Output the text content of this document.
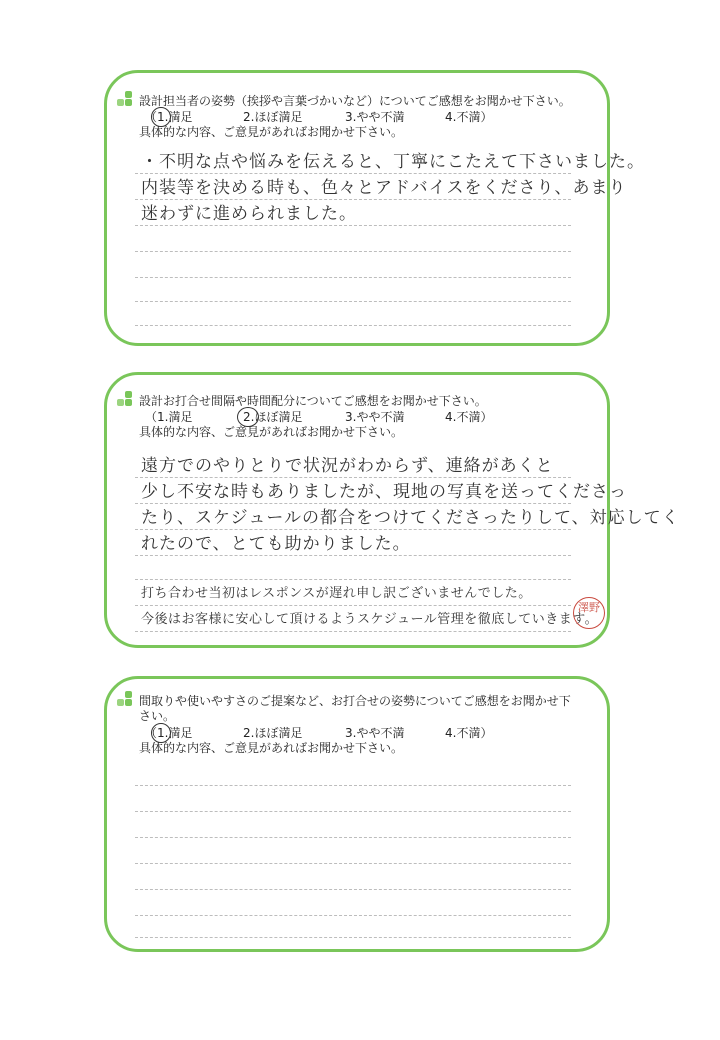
設計担当者の姿勢（挨拶や言葉づかいなど）についてご感想をお聞かせ下さい。
（1.満足	2.ほぼ満足	3.やや不満	4.不満）
具体的な内容、ご意見があればお聞かせ下さい。
・不明な点や悩みを伝えると、丁寧にこたえて下さいました。
内装等を決める時も、色々とアドバイスをくださり、あまり
迷わずに進められました。
設計お打合せ間隔や時間配分についてご感想をお聞かせ下さい。
（1.満足	2.ほぼ満足	3.やや不満	4.不満）
具体的な内容、ご意見があればお聞かせ下さい。
遠方でのやりとりで状況がわからず、連絡があくと
少し不安な時もありましたが、現地の写真を送ってくださっ
たり、スケジュールの都合をつけてくださったりして、対応してく
れたので、とても助かりました。
打ち合わせ当初はレスポンスが遅れ申し訳ございませんでした。
今後はお客様に安心して頂けるようスケジュール管理を徹底していきます。
澤野
間取りや使いやすさのご提案など、お打合せの姿勢についてご感想をお聞かせ下さい。
（1.満足	2.ほぼ満足	3.やや不満	4.不満）
具体的な内容、ご意見があればお聞かせ下さい。
